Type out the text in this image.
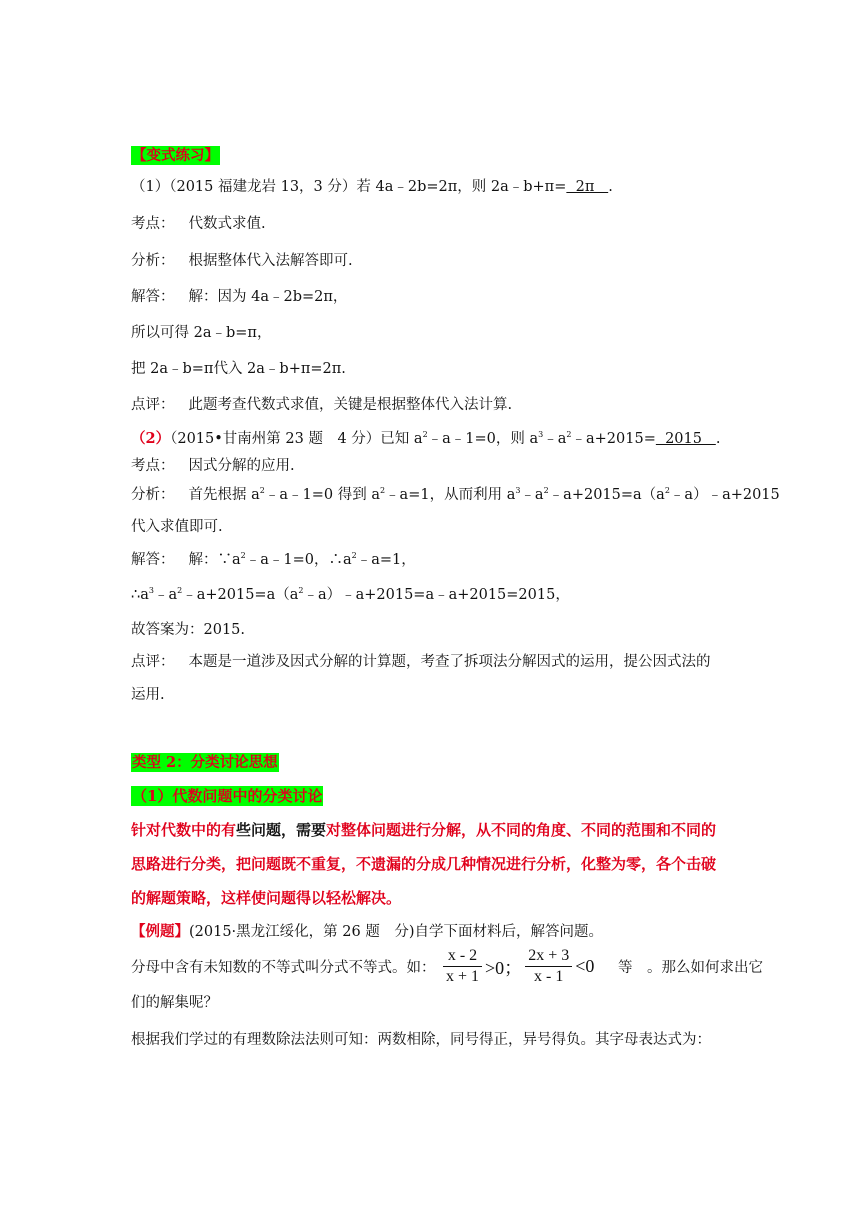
【变式练习】
（1）（2015 福建龙岩 13，3 分）若 4a﹣2b=2π，则 2a﹣b+π=  2π   .
考点： 代数式求值.
分析： 根据整体代入法解答即可.
解答： 解：因为 4a﹣2b=2π，
所以可得 2a﹣b=π，
把 2a﹣b=π代入 2a﹣b+π=2π.
点评： 此题考查代数式求值，关键是根据整体代入法计算.
（2）（2015•甘南州第 23 题　4 分）已知 $a^2﹣a﹣1=0$，则 $a^3﹣a^2﹣a+2015= 2015$   .
考点： 因式分解的应用.
分析： 首先根据 $a^2﹣a﹣1=0$ 得到 $a^2﹣a=1$，从而利用 $a^3﹣a^2﹣a+2015=a(a^2﹣a)﹣a+2015$
代入求值即可.
解答： 解：$\because a^2﹣a﹣1=0$，$\therefore a^2﹣a=1$，
$\therefore a^3﹣a^2﹣a+2015=a(a^2﹣a)﹣a+2015=a﹣a+2015=2015$，
故答案为：2015.
点评： 本题是一道涉及因式分解的计算题，考查了拆项法分解因式的运用，提公因式法的
运用.
类型 2：分类讨论思想
（1）代数问题中的分类讨论
针对代数中的有些问题，需要对整体问题进行分解，从不同的角度、不同的范围和不同的
思路进行分类，把问题既不重复，不遗漏的分成几种情况进行分析，化整为零，各个击破
的解题策略，这样使问题得以轻松解决。
【例题】(2015·黑龙江绥化，第 26 题　分)自学下面材料后，解答问题。
分母中含有未知数的不等式叫分式不等式。如： $\frac{x - 2}{x + 1} >0$； $\frac{2x + 3}{x - 1} <0$ 等　。那么如何求出它
们的解集呢？
根据我们学过的有理数除法法则可知：两数相除，同号得正，异号得负。其字母表达式为：
